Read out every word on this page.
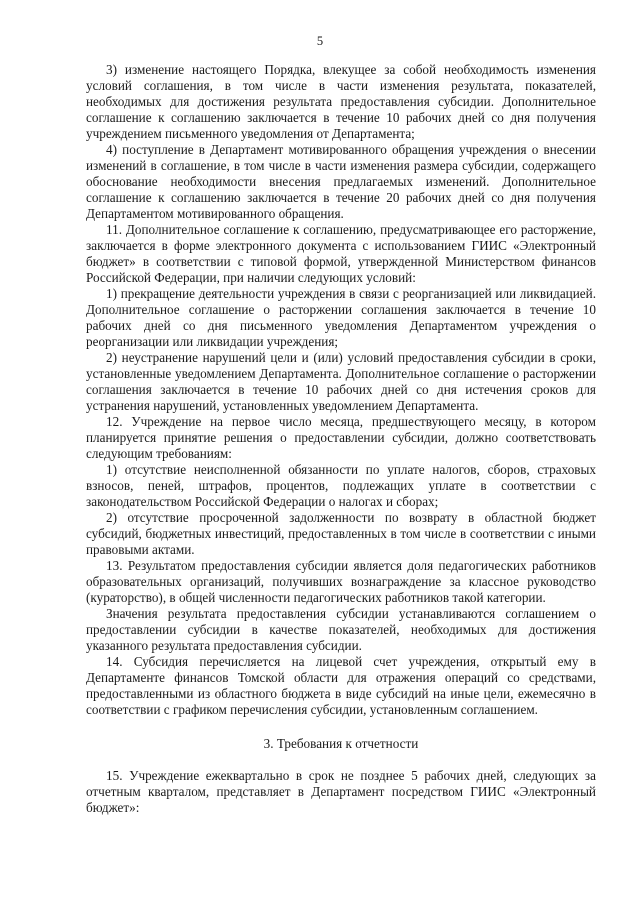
5

3) изменение настоящего Порядка, влекущее за собой необходимость изменения условий соглашения, в том числе в части изменения результата, показателей, необходимых для достижения результата предоставления субсидии. Дополнительное соглашение к соглашению заключается в течение 10 рабочих дней со дня получения учреждением письменного уведомления от Департамента;

4) поступление в Департамент мотивированного обращения учреждения о внесении изменений в соглашение, в том числе в части изменения размера субсидии, содержащего обоснование необходимости внесения предлагаемых изменений. Дополнительное соглашение к соглашению заключается в течение 20 рабочих дней со дня получения Департаментом мотивированного обращения.

11. Дополнительное соглашение к соглашению, предусматривающее его расторжение, заключается в форме электронного документа с использованием ГИИС «Электронный бюджет» в соответствии с типовой формой, утвержденной Министерством финансов Российской Федерации, при наличии следующих условий:

1) прекращение деятельности учреждения в связи с реорганизацией или ликвидацией. Дополнительное соглашение о расторжении соглашения заключается в течение 10 рабочих дней со дня письменного уведомления Департаментом учреждения о реорганизации или ликвидации учреждения;

2) неустранение нарушений цели и (или) условий предоставления субсидии в сроки, установленные уведомлением Департамента. Дополнительное соглашение о расторжении соглашения заключается в течение 10 рабочих дней со дня истечения сроков для устранения нарушений, установленных уведомлением Департамента.

12. Учреждение на первое число месяца, предшествующего месяцу, в котором планируется принятие решения о предоставлении субсидии, должно соответствовать следующим требованиям:

1) отсутствие неисполненной обязанности по уплате налогов, сборов, страховых взносов, пеней, штрафов, процентов, подлежащих уплате в соответствии с законодательством Российской Федерации о налогах и сборах;

2) отсутствие просроченной задолженности по возврату в областной бюджет субсидий, бюджетных инвестиций, предоставленных в том числе в соответствии с иными правовыми актами.

13. Результатом предоставления субсидии является доля педагогических работников образовательных организаций, получивших вознаграждение за классное руководство (кураторство), в общей численности педагогических работников такой категории.

Значения результата предоставления субсидии устанавливаются соглашением о предоставлении субсидии в качестве показателей, необходимых для достижения указанного результата предоставления субсидии.

14. Субсидия перечисляется на лицевой счет учреждения, открытый ему в Департаменте финансов Томской области для отражения операций со средствами, предоставленными из областного бюджета в виде субсидий на иные цели, ежемесячно в соответствии с графиком перечисления субсидии, установленным соглашением.

3. Требования к отчетности

15. Учреждение ежеквартально в срок не позднее 5 рабочих дней, следующих за отчетным кварталом, представляет в Департамент посредством ГИИС «Электронный бюджет»:
